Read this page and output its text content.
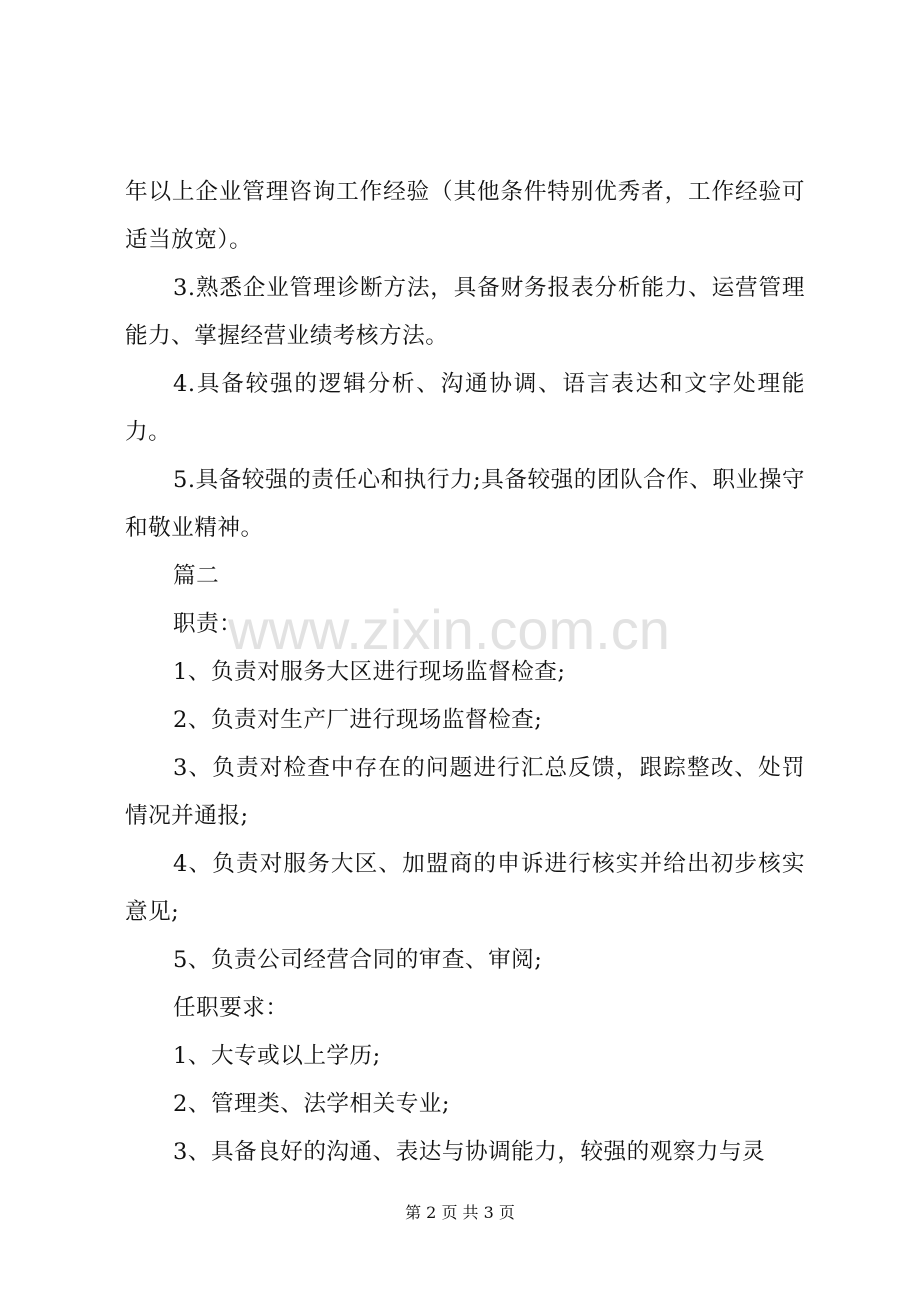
www.zixin.com.cn

年以上企业管理咨询工作经验（其他条件特别优秀者，工作经验可适当放宽）。

3.熟悉企业管理诊断方法，具备财务报表分析能力、运营管理能力、掌握经营业绩考核方法。

4.具备较强的逻辑分析、沟通协调、语言表达和文字处理能力。

5.具备较强的责任心和执行力;具备较强的团队合作、职业操守和敬业精神。

篇二

职责：

1、负责对服务大区进行现场监督检查;

2、负责对生产厂进行现场监督检查;

3、负责对检查中存在的问题进行汇总反馈，跟踪整改、处罚情况并通报;

4、负责对服务大区、加盟商的申诉进行核实并给出初步核实意见;

5、负责公司经营合同的审查、审阅;

任职要求：

1、大专或以上学历;

2、管理类、法学相关专业;

3、具备良好的沟通、表达与协调能力，较强的观察力与灵

第 2 页 共 3 页
